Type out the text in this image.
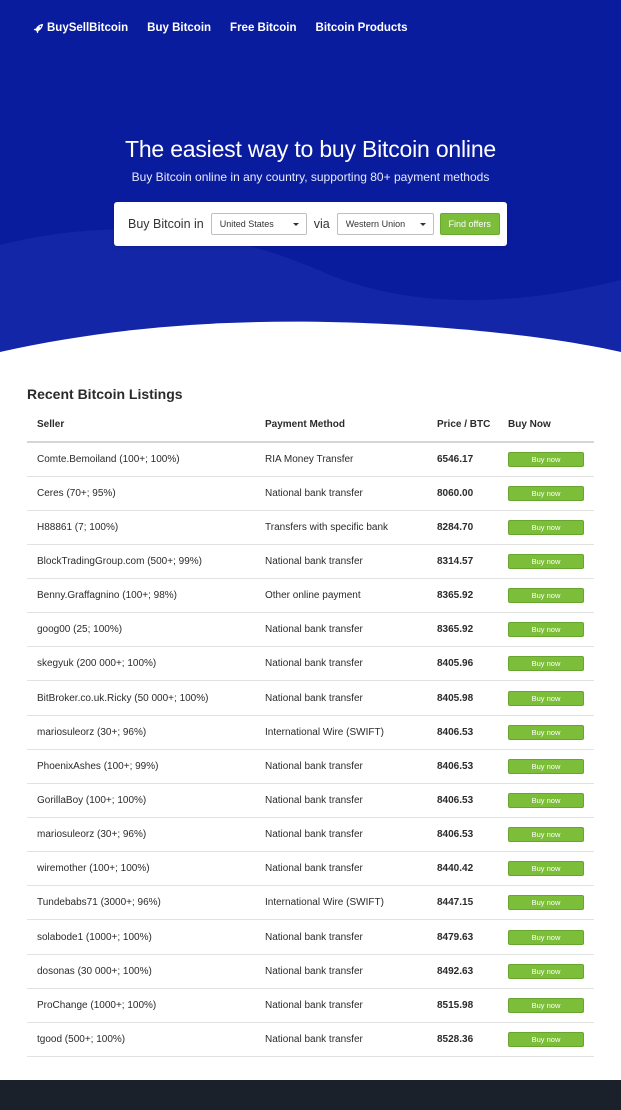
BuySellBitcoin Buy Bitcoin Free Bitcoin Bitcoin Products
The easiest way to buy Bitcoin online
Buy Bitcoin online in any country, supporting 80+ payment methods
Buy Bitcoin in United States	via Western Union	Find offers
Recent Bitcoin Listings
Seller	Payment Method	Price / BTC	Buy Now
Comte.Bemoiland (100+; 100%)	RIA Money Transfer	6546.17	Buy now

Ceres (70+; 95%)	National bank transfer	8060.00	Buy now

H88861 (7; 100%)	Transfers with specific bank	8284.70	Buy now

BlockTradingGroup.com (500+; 99%)	National bank transfer	8314.57	Buy now

Benny.Graffagnino (100+; 98%)	Other online payment	8365.92	Buy now

goog00 (25; 100%)	National bank transfer	8365.92	Buy now

skegyuk (200 000+; 100%)	National bank transfer	8405.96	Buy now

BitBroker.co.uk.Ricky (50 000+; 100%)	National bank transfer	8405.98	Buy now

mariosuleorz (30+; 96%)	International Wire (SWIFT)	8406.53	Buy now

PhoenixAshes (100+; 99%)	National bank transfer	8406.53	Buy now

GorillaBoy (100+; 100%)	National bank transfer	8406.53	Buy now

mariosuleorz (30+; 96%)	National bank transfer	8406.53	Buy now

wiremother (100+; 100%)	National bank transfer	8440.42	Buy now

Tundebabs71 (3000+; 96%)	International Wire (SWIFT)	8447.15	Buy now

solabode1 (1000+; 100%)	National bank transfer	8479.63	Buy now

dosonas (30 000+; 100%)	National bank transfer	8492.63	Buy now

ProChange (1000+; 100%)	National bank transfer	8515.98	Buy now

tgood (500+; 100%)	National bank transfer	8528.36	Buy now
